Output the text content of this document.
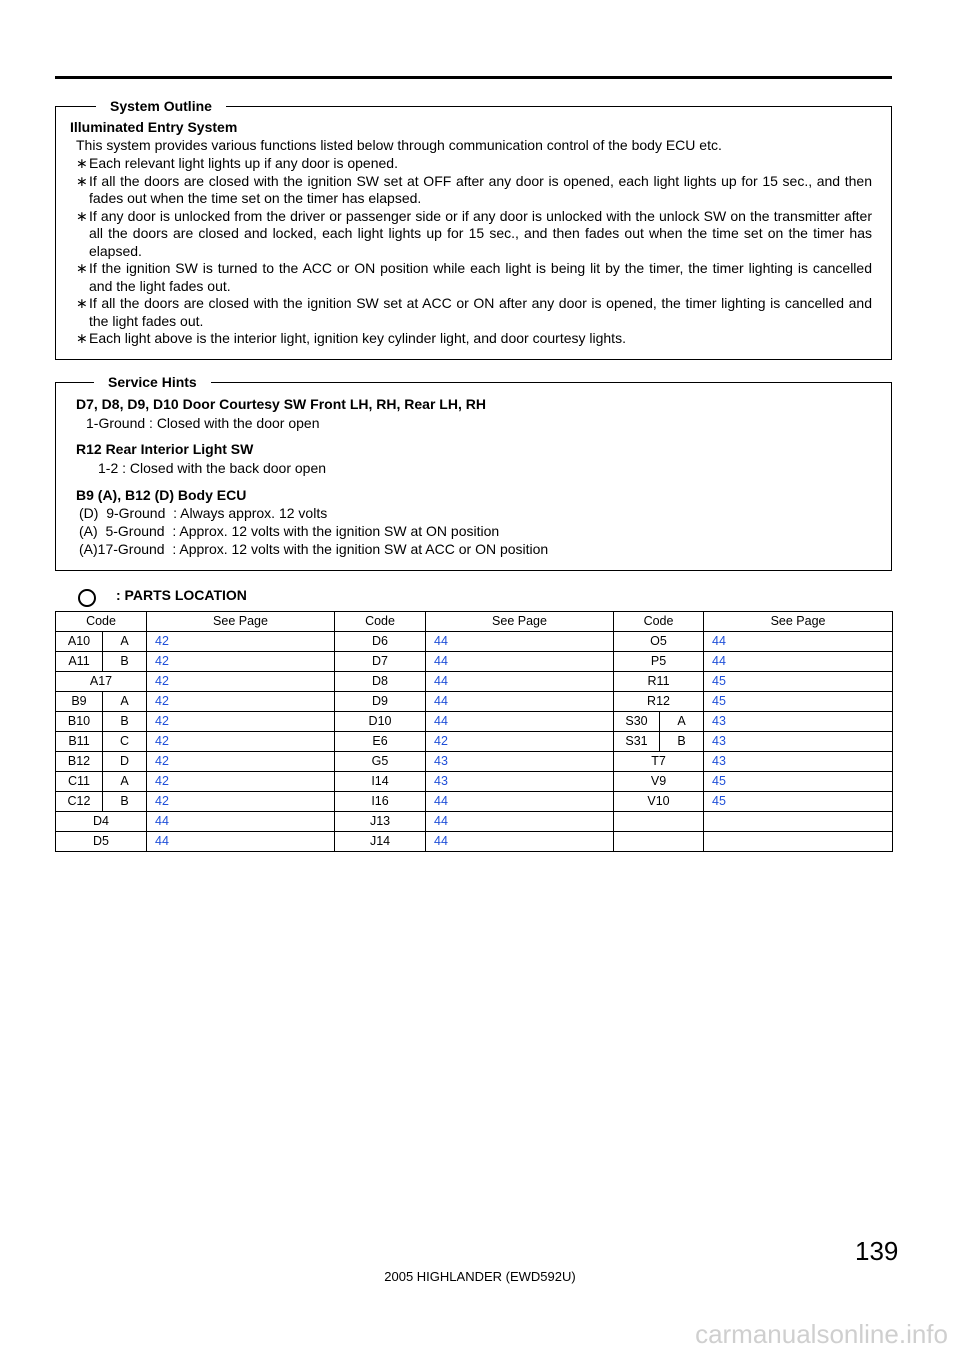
System Outline
Illuminated Entry System
This system provides various functions listed below through communication control of the body ECU etc.
∗ Each relevant light lights up if any door is opened.
∗ If all the doors are closed with the ignition SW set at OFF after any door is opened, each light lights up for 15 sec., and then fades out when the time set on the timer has elapsed.
∗ If any door is unlocked from the driver or passenger side or if any door is unlocked with the unlock SW on the transmitter after all the doors are closed and locked, each light lights up for 15 sec., and then fades out when the time set on the timer has elapsed.
∗ If the ignition SW is turned to the ACC or ON position while each light is being lit by the timer, the timer lighting is cancelled and the light fades out.
∗ If all the doors are closed with the ignition SW set at ACC or ON after any door is opened, the timer lighting is cancelled and the light fades out.
∗ Each light above is the interior light, ignition key cylinder light, and door courtesy lights.
Service Hints
D7, D8, D9, D10 Door Courtesy SW Front LH, RH, Rear LH, RH
1-Ground : Closed with the door open
R12 Rear Interior Light SW
1-2 : Closed with the back door open
B9 (A), B12 (D) Body ECU
(D)  9-Ground  : Always approx. 12 volts
(A)  5-Ground  : Approx. 12 volts with the ignition SW at ON position
(A)17-Ground  : Approx. 12 volts with the ignition SW at ACC or ON position
: PARTS LOCATION
Code		See Page	Code	See Page	Code		See Page
A10	A	42	D6	44	O5		44
A11	B	42	D7	44	P5		44
A17		42	D8	44	R11		45
B9	A	42	D9	44	R12		45
B10	B	42	D10	44	S30	A	43
B11	C	42	E6	42	S31	B	43
B12	D	42	G5	43	T7		43
C11	A	42	I14	43	V9		45
C12	B	42	I16	44	V10		45
D4		44	J13	44			
D5		44	J14	44			
139
2005 HIGHLANDER (EWD592U)
carmanualsonline.info
